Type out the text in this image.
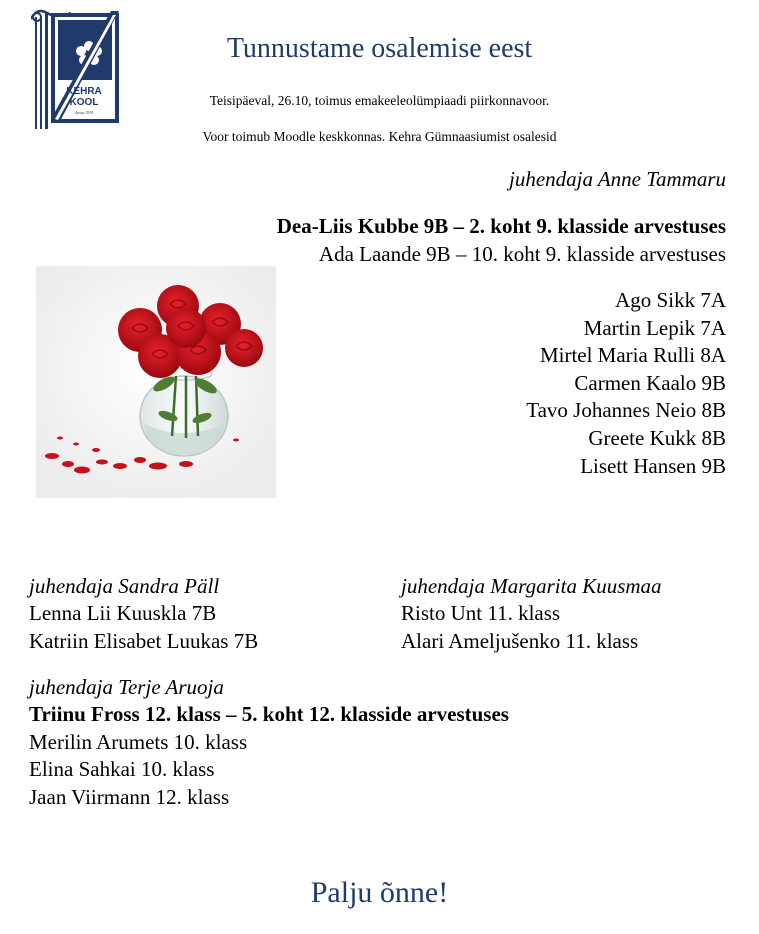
KEHRA
KOOL
Aasta 1930
Tunnustame osalemise eest
Teisipäeval, 26.10, toimus emakeeleolümpiaadi piirkonnavoor.
Voor toimub Moodle keskkonnas. Kehra Gümnaasiumist osalesid
juhendaja Anne Tammaru
Dea-Liis Kubbe 9B – 2. koht 9. klasside arvestuses
Ada Laande 9B – 10. koht 9. klasside arvestuses
Ago Sikk 7A
Martin Lepik 7A
Mirtel Maria Rulli 8A
Carmen Kaalo 9B
Tavo Johannes Neio 8B
Greete Kukk 8B
Lisett Hansen 9B
juhendaja Sandra Päll
Lenna Lii Kuuskla 7B
Katriin Elisabet Luukas 7B
juhendaja Margarita Kuusmaa
Risto Unt 11. klass
Alari Ameljušenko 11. klass
juhendaja Terje Aruoja
Triinu Fross 12. klass – 5. koht 12. klasside arvestuses
Merilin Arumets 10. klass
Elina Sahkai 10. klass
Jaan Viirmann 12. klass
Palju õnne!
